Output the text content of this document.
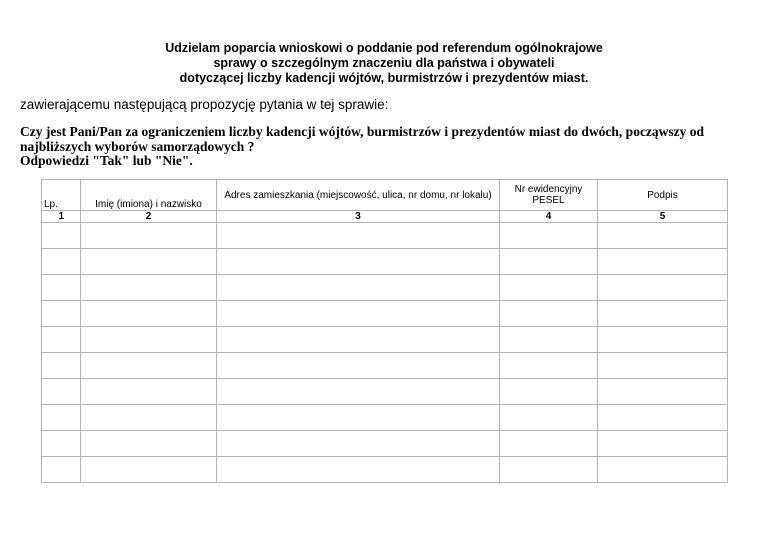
Udzielam poparcia wnioskowi o poddanie pod referendum ogólnokrajowe
sprawy o szczególnym znaczeniu dla państwa i obywateli
dotyczącej liczby kadencji wójtów, burmistrzów i prezydentów miast.
zawierającemu następującą propozycję pytania w tej sprawie:
Czy jest Pani/Pan za ograniczeniem liczby kadencji wójtów, burmistrzów i prezydentów miast do dwóch, począwszy od
najbliższych wyborów samorządowych ?
Odpowiedzi "Tak" lub "Nie".
Lp.	Imię (imiona) i nazwisko	Adres zamieszkania (miejscowość, ulica, nr domu, nr lokalu)	Nr ewidencyjny PESEL	Podpis
1	2	3	4	5
